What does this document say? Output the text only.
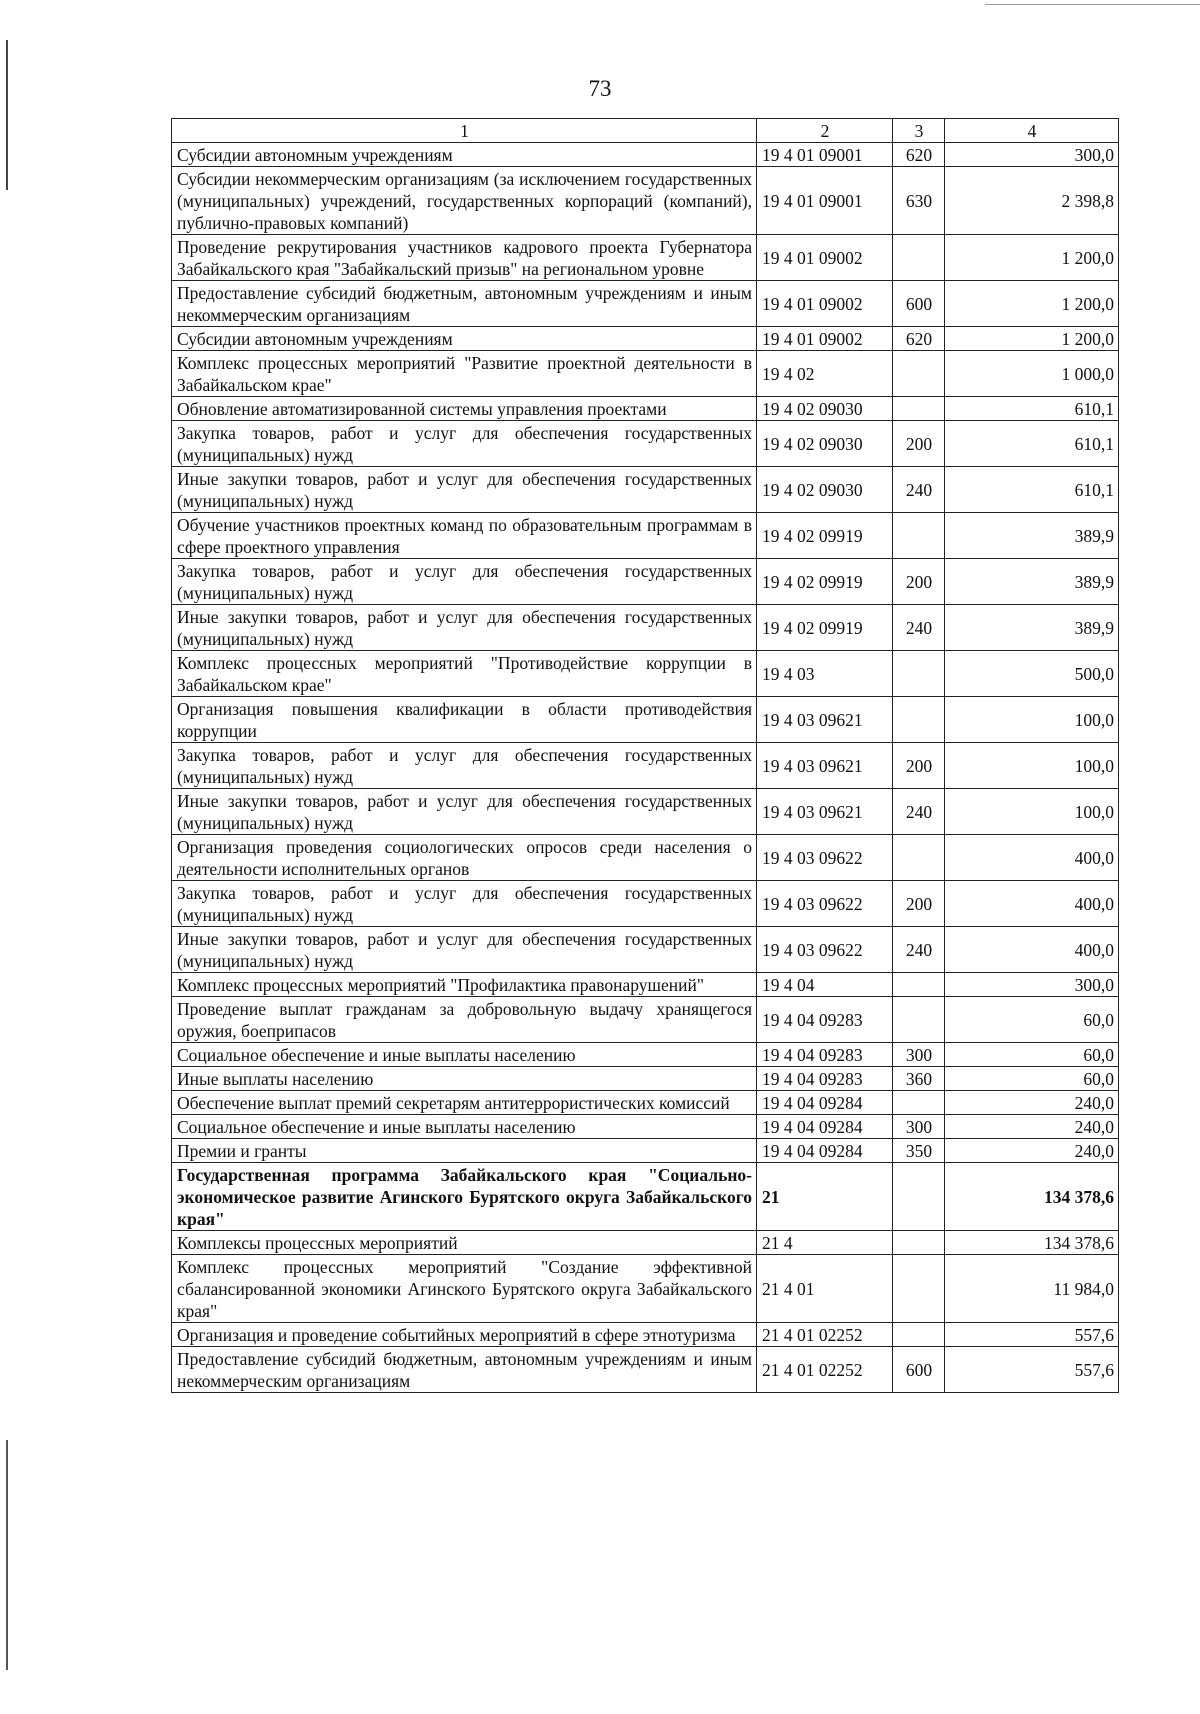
73
1	2	3	4
Субсидии автономным учреждениям	19 4 01 09001	620	300,0
Субсидии некоммерческим организациям (за исключением государственных (муниципальных) учреждений, государственных корпораций (компаний), публично-правовых компаний)	19 4 01 09001	630	2 398,8
Проведение рекрутирования участников кадрового проекта Губернатора Забайкальского края "Забайкальский призыв" на региональном уровне	19 4 01 09002		1 200,0
Предоставление субсидий бюджетным, автономным учреждениям и иным некоммерческим организациям	19 4 01 09002	600	1 200,0
Субсидии автономным учреждениям	19 4 01 09002	620	1 200,0
Комплекс процессных мероприятий "Развитие проектной деятельности в Забайкальском крае"	19 4 02		1 000,0
Обновление автоматизированной системы управления проектами	19 4 02 09030		610,1
Закупка товаров, работ и услуг для обеспечения государственных (муниципальных) нужд	19 4 02 09030	200	610,1
Иные закупки товаров, работ и услуг для обеспечения государственных (муниципальных) нужд	19 4 02 09030	240	610,1
Обучение участников проектных команд по образовательным программам в сфере проектного управления	19 4 02 09919		389,9
Закупка товаров, работ и услуг для обеспечения государственных (муниципальных) нужд	19 4 02 09919	200	389,9
Иные закупки товаров, работ и услуг для обеспечения государственных (муниципальных) нужд	19 4 02 09919	240	389,9
Комплекс процессных мероприятий "Противодействие коррупции в Забайкальском крае"	19 4 03		500,0
Организация повышения квалификации в области противодействия коррупции	19 4 03 09621		100,0
Закупка товаров, работ и услуг для обеспечения государственных (муниципальных) нужд	19 4 03 09621	200	100,0
Иные закупки товаров, работ и услуг для обеспечения государственных (муниципальных) нужд	19 4 03 09621	240	100,0
Организация проведения социологических опросов среди населения о деятельности исполнительных органов	19 4 03 09622		400,0
Закупка товаров, работ и услуг для обеспечения государственных (муниципальных) нужд	19 4 03 09622	200	400,0
Иные закупки товаров, работ и услуг для обеспечения государственных (муниципальных) нужд	19 4 03 09622	240	400,0
Комплекс процессных мероприятий "Профилактика правонарушений"	19 4 04		300,0
Проведение выплат гражданам за добровольную выдачу хранящегося оружия, боеприпасов	19 4 04 09283		60,0
Социальное обеспечение и иные выплаты населению	19 4 04 09283	300	60,0
Иные выплаты населению	19 4 04 09283	360	60,0
Обеспечение выплат премий секретарям антитеррористических комиссий	19 4 04 09284		240,0
Социальное обеспечение и иные выплаты населению	19 4 04 09284	300	240,0
Премии и гранты	19 4 04 09284	350	240,0
Государственная программа Забайкальского края "Социально-экономическое развитие Агинского Бурятского округа Забайкальского края"	21		134 378,6
Комплексы процессных мероприятий	21 4		134 378,6
Комплекс процессных мероприятий "Создание эффективной сбалансированной экономики Агинского Бурятского округа Забайкальского края"	21 4 01		11 984,0
Организация и проведение событийных мероприятий в сфере этнотуризма	21 4 01 02252		557,6
Предоставление субсидий бюджетным, автономным учреждениям и иным некоммерческим организациям	21 4 01 02252	600	557,6
